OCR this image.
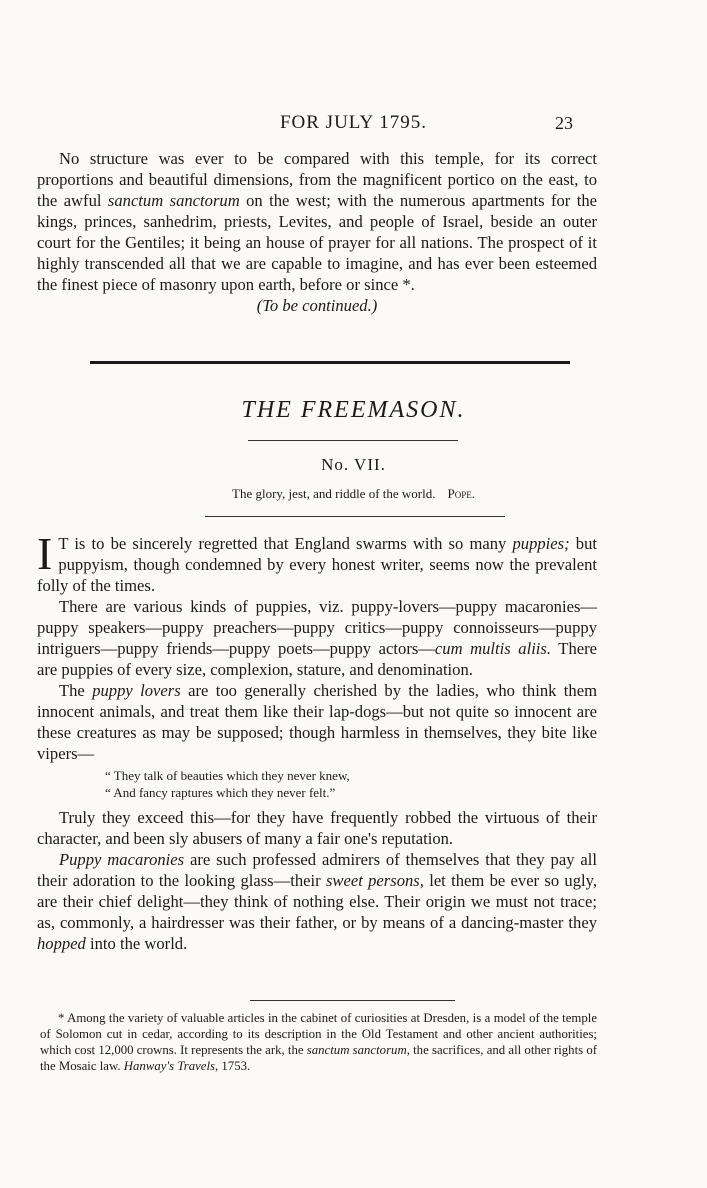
FOR JULY 1795.	23

No structure was ever to be compared with this temple, for its correct proportions and beautiful dimensions, from the magnificent portico on the east, to the awful sanctum sanctorum on the west; with the numerous apartments for the kings, princes, sanhedrim, priests, Levites, and people of Israel, beside an outer court for the Gentiles; it being an house of prayer for all nations. The prospect of it highly transcended all that we are capable to imagine, and has ever been esteemed the finest piece of masonry upon earth, before or since *.

(To be continued.)

THE FREEMASON.
No. VII.
The glory, jest, and riddle of the world. Pope.

I T is to be sincerely regretted that England swarms with so many puppies; but puppyism, though condemned by every honest writer, seems now the prevalent folly of the times.

There are various kinds of puppies, viz. puppy-lovers—puppy macaronies—puppy speakers—puppy preachers—puppy critics—puppy connoisseurs—puppy intriguers—puppy friends—puppy poets—puppy actors—cum multis aliis. There are puppies of every size, complexion, stature, and denomination.

The puppy lovers are too generally cherished by the ladies, who think them innocent animals, and treat them like their lap-dogs—but not quite so innocent are these creatures as may be supposed; though harmless in themselves, they bite like vipers—

“ They talk of beauties which they never knew,
“ And fancy raptures which they never felt.”

Truly they exceed this—for they have frequently robbed the virtuous of their character, and been sly abusers of many a fair one's reputation.

Puppy macaronies are such professed admirers of themselves that they pay all their adoration to the looking glass—their sweet persons, let them be ever so ugly, are their chief delight—they think of nothing else. Their origin we must not trace; as, commonly, a hairdresser was their father, or by means of a dancing-master they hopped into the world.

* Among the variety of valuable articles in the cabinet of curiosities at Dresden, is a model of the temple of Solomon cut in cedar, according to its description in the Old Testament and other ancient authorities; which cost 12,000 crowns. It represents the ark, the sanctum sanctorum, the sacrifices, and all other rights of the Mosaic law. Hanway's Travels, 1753.
